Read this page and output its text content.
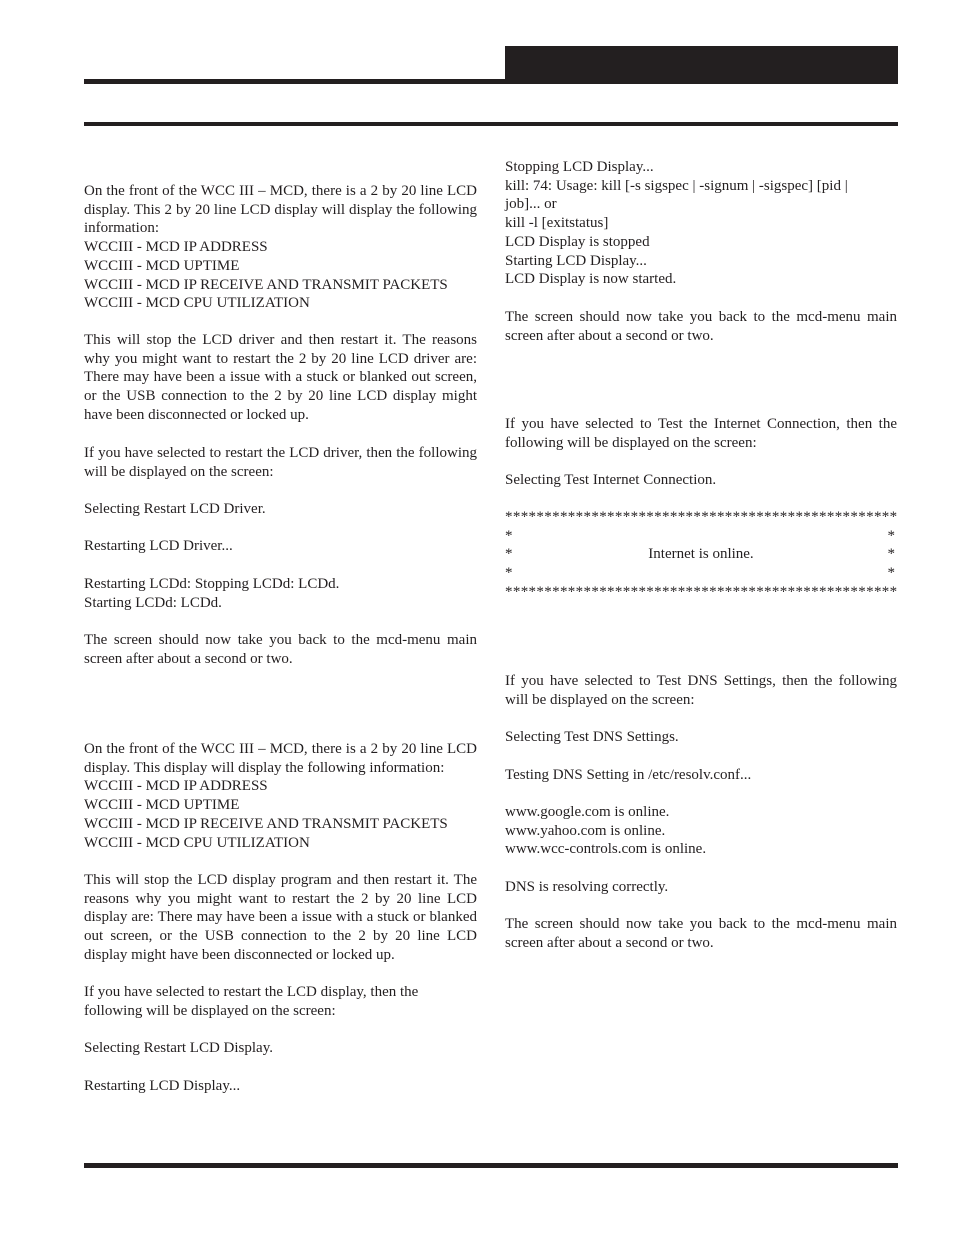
On the front of the WCC III – MCD, there is a 2 by 20 line LCD display. This 2 by 20 line LCD display will display the following information:
WCCIII - MCD IP ADDRESS
WCCIII - MCD UPTIME
WCCIII - MCD IP RECEIVE AND TRANSMIT PACKETS
WCCIII - MCD CPU UTILIZATION
This will stop the LCD driver and then restart it. The reasons why you might want to restart the 2 by 20 line LCD driver are: There may have been a issue with a stuck or blanked out screen, or the USB connection to the 2 by 20 line LCD display might have been disconnected or locked up.
If you have selected to restart the LCD driver, then the following will be displayed on the screen:
Selecting Restart LCD Driver.
Restarting LCD Driver...
Restarting LCDd: Stopping LCDd: LCDd.
Starting LCDd: LCDd.
The screen should now take you back to the mcd-menu main screen after about a second or two.
On the front of the WCC III – MCD, there is a 2 by 20 line LCD display. This display will display the following information:
WCCIII - MCD IP ADDRESS
WCCIII - MCD UPTIME
WCCIII - MCD IP RECEIVE AND TRANSMIT PACKETS
WCCIII - MCD CPU UTILIZATION
This will stop the LCD display program and then restart it. The reasons why you might want to restart the 2 by 20 line LCD display are: There may have been a issue with a stuck or blanked out screen, or the USB connection to the 2 by 20 line LCD display might have been disconnected or locked up.
If you have selected to restart the LCD display, then the
following will be displayed on the screen:
Selecting Restart LCD Display.
Restarting LCD Display...
Stopping LCD Display...
kill: 74: Usage: kill [-s sigspec | -signum | -sigspec] [pid |
job]... or
kill -l [exitstatus]
LCD Display is stopped
Starting LCD Display...
LCD Display is now started.
The screen should now take you back to the mcd-menu main screen after about a second or two.
If you have selected to Test the Internet Connection, then the following will be displayed on the screen:
Selecting Test Internet Connection.
**************************************************
*	*
*	Internet is online.	*
*	*
**************************************************
If you have selected to Test DNS Settings, then the following will be displayed on the screen:
Selecting Test DNS Settings.
Testing DNS Setting in /etc/resolv.conf...
www.google.com is online.
www.yahoo.com is online.
www.wcc-controls.com is online.
DNS is resolving correctly.
The screen should now take you back to the mcd-menu main screen after about a second or two.
